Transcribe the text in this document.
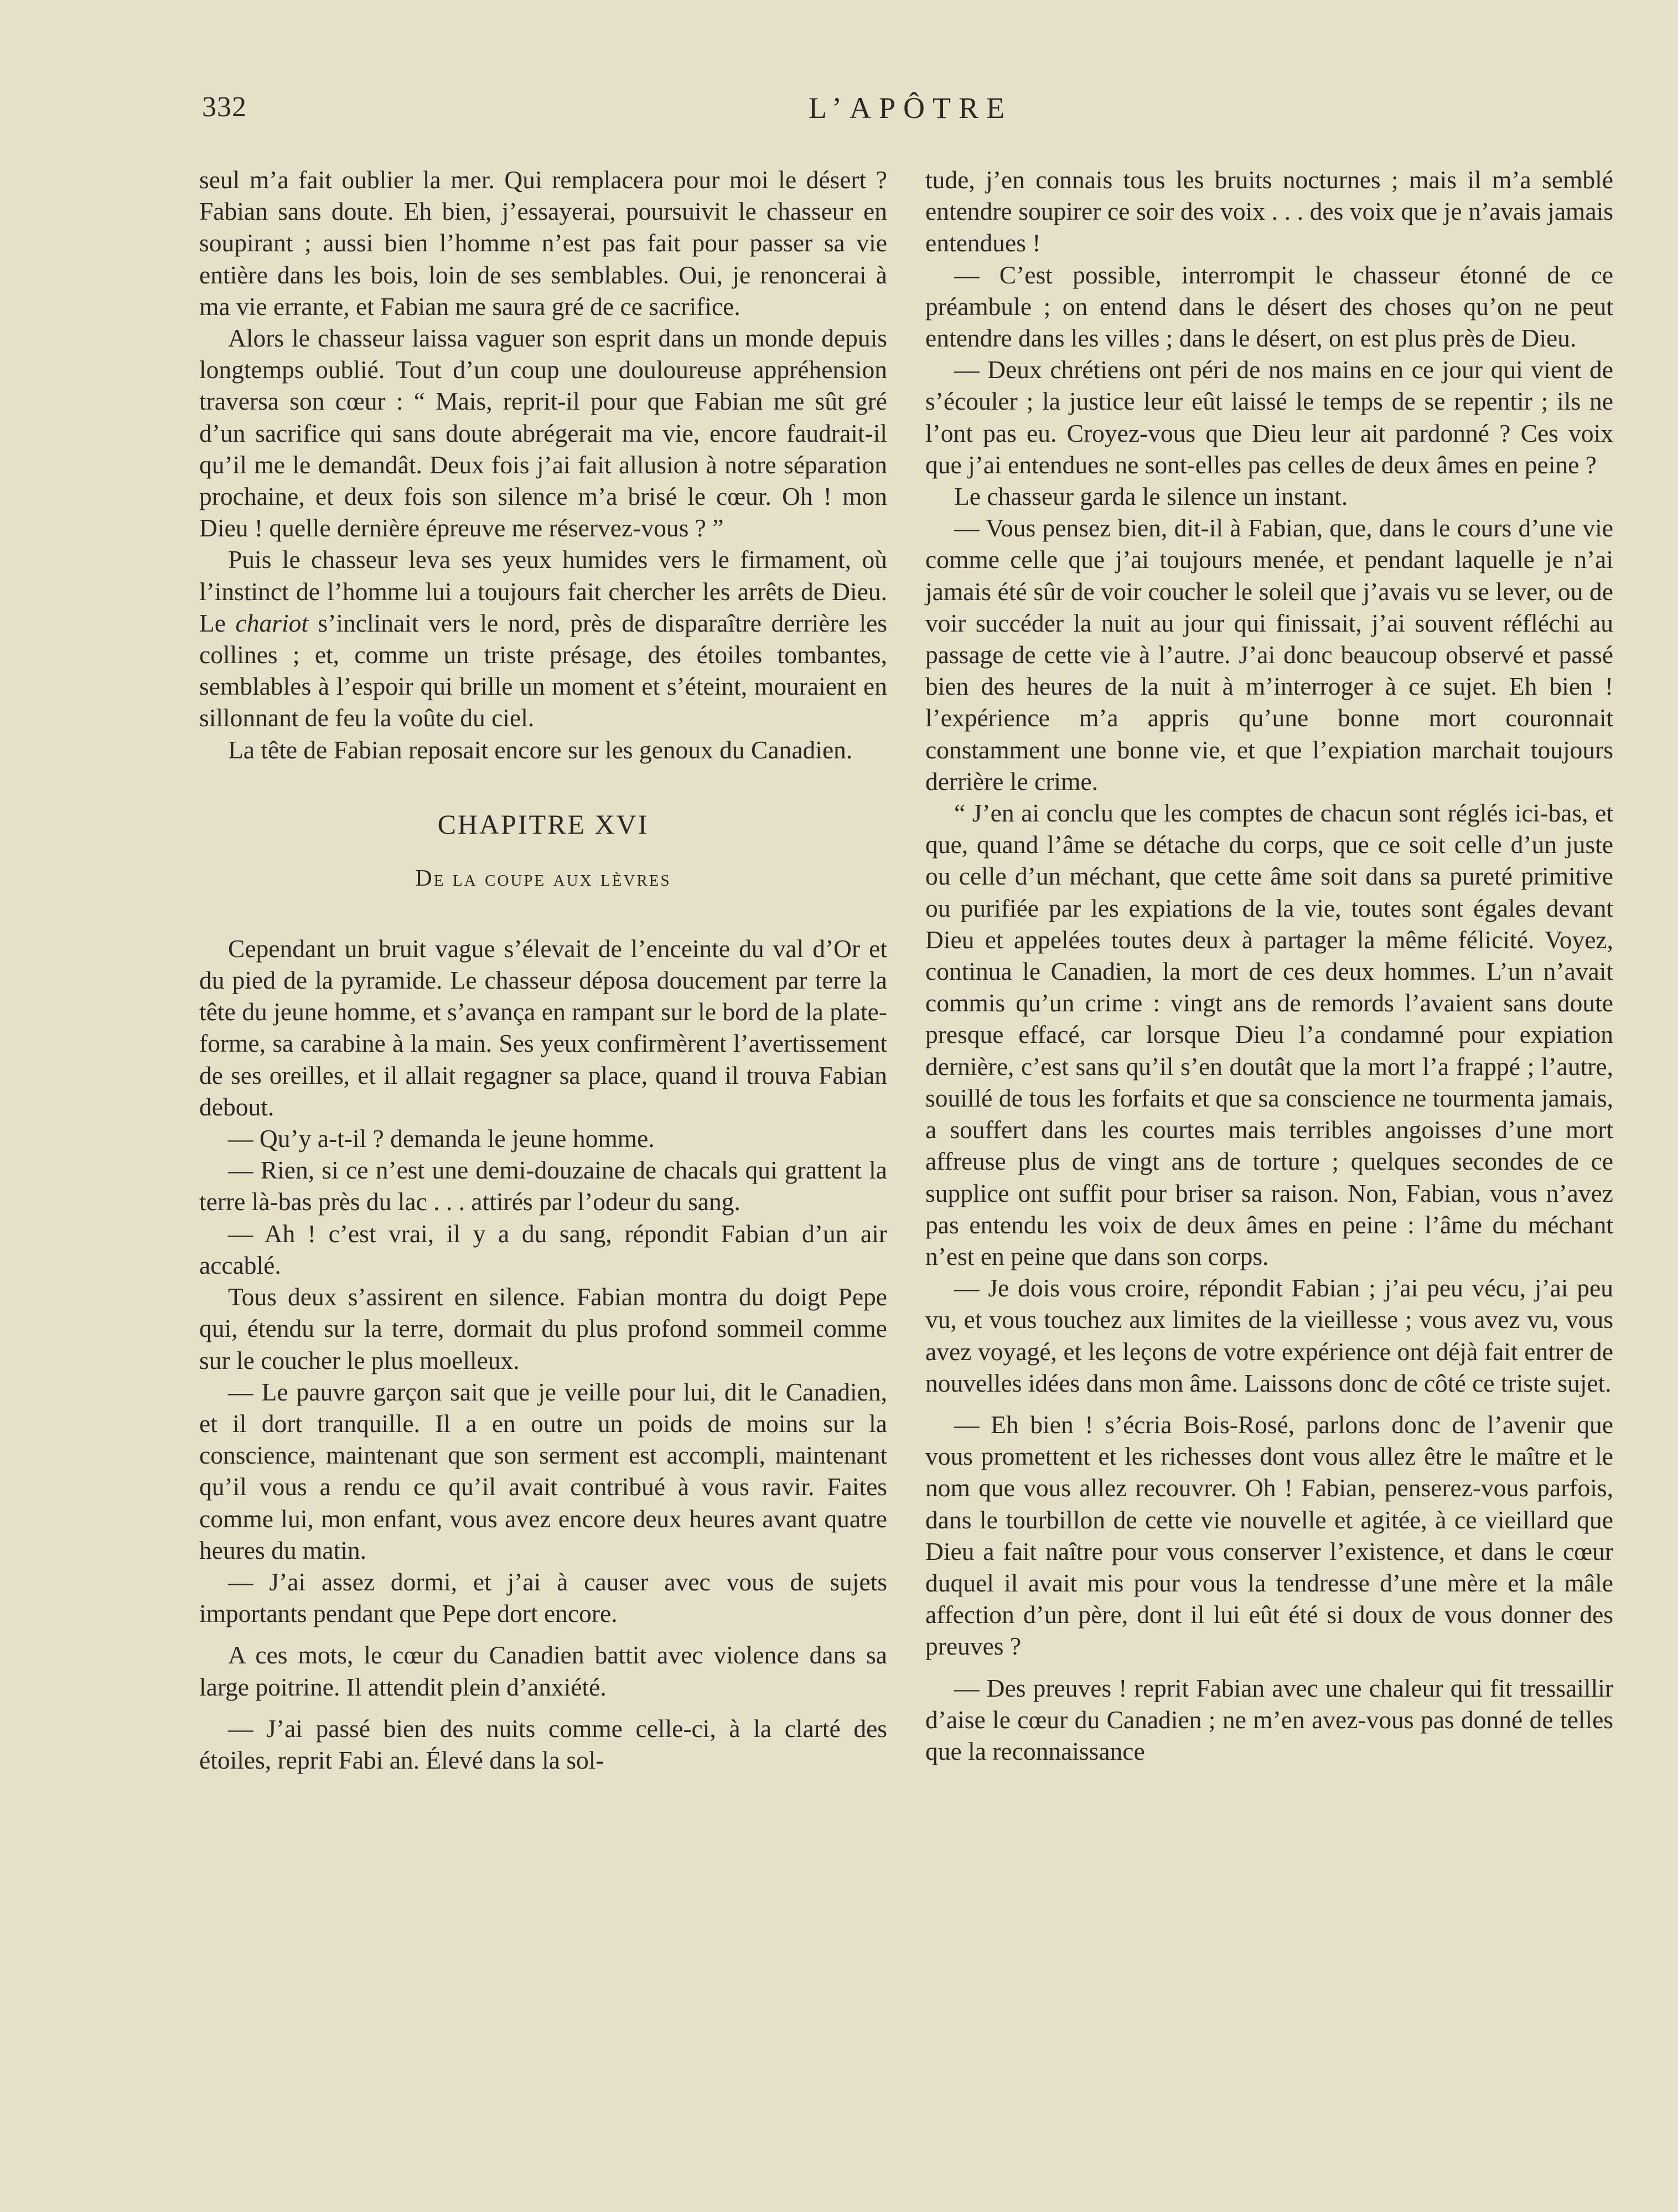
332	L’APÔTRE

seul m’a fait oublier la mer. Qui remplacera pour moi le désert ? Fabian sans doute. Eh bien, j’essayerai, poursuivit le chasseur en soupirant ; aussi bien l’homme n’est pas fait pour passer sa vie entière dans les bois, loin de ses semblables. Oui, je renoncerai à ma vie errante, et Fabian me saura gré de ce sacrifice.

Alors le chasseur laissa vaguer son esprit dans un monde depuis longtemps oublié. Tout d’un coup une douloureuse appréhension traversa son cœur : “ Mais, reprit-il pour que Fabian me sût gré d’un sacrifice qui sans doute abrégerait ma vie, encore faudrait-il qu’il me le demandât. Deux fois j’ai fait allusion à notre séparation prochaine, et deux fois son silence m’a brisé le cœur. Oh ! mon Dieu ! quelle dernière épreuve me réservez-vous ? ”

Puis le chasseur leva ses yeux humides vers le firmament, où l’instinct de l’homme lui a toujours fait chercher les arrêts de Dieu. Le chariot s’inclinait vers le nord, près de disparaître derrière les collines ; et, comme un triste présage, des étoiles tombantes, semblables à l’espoir qui brille un moment et s’éteint, mouraient en sillonnant de feu la voûte du ciel.

La tête de Fabian reposait encore sur les genoux du Canadien.

CHAPITRE XVI
De la coupe aux lèvres

Cependant un bruit vague s’élevait de l’enceinte du val d’Or et du pied de la pyramide. Le chasseur déposa doucement par terre la tête du jeune homme, et s’avança en rampant sur le bord de la plate-forme, sa carabine à la main. Ses yeux confirmèrent l’avertissement de ses oreilles, et il allait regagner sa place, quand il trouva Fabian debout.

— Qu’y a-t-il ? demanda le jeune homme.

— Rien, si ce n’est une demi-douzaine de chacals qui grattent la terre là-bas près du lac . . . attirés par l’odeur du sang.

— Ah ! c’est vrai, il y a du sang, répondit Fabian d’un air accablé.

Tous deux s’assirent en silence. Fabian montra du doigt Pepe qui, étendu sur la terre, dormait du plus profond sommeil comme sur le coucher le plus moelleux.

— Le pauvre garçon sait que je veille pour lui, dit le Canadien, et il dort tranquille. Il a en outre un poids de moins sur la conscience, maintenant que son serment est accompli, maintenant qu’il vous a rendu ce qu’il avait contribué à vous ravir. Faites comme lui, mon enfant, vous avez encore deux heures avant quatre heures du matin.

— J’ai assez dormi, et j’ai à causer avec vous de sujets importants pendant que Pepe dort encore.

A ces mots, le cœur du Canadien battit avec violence dans sa large poitrine. Il attendit plein d’anxiété.

— J’ai passé bien des nuits comme celle-ci, à la clarté des étoiles, reprit Fabi an. Élevé dans la sol-

tude, j’en connais tous les bruits nocturnes ; mais il m’a semblé entendre soupirer ce soir des voix . . . des voix que je n’avais jamais entendues !

— C’est possible, interrompit le chasseur étonné de ce préambule ; on entend dans le désert des choses qu’on ne peut entendre dans les villes ; dans le désert, on est plus près de Dieu.

— Deux chrétiens ont péri de nos mains en ce jour qui vient de s’écouler ; la justice leur eût laissé le temps de se repentir ; ils ne l’ont pas eu. Croyez-vous que Dieu leur ait pardonné ? Ces voix que j’ai entendues ne sont-elles pas celles de deux âmes en peine ?

Le chasseur garda le silence un instant.

— Vous pensez bien, dit-il à Fabian, que, dans le cours d’une vie comme celle que j’ai toujours menée, et pendant laquelle je n’ai jamais été sûr de voir coucher le soleil que j’avais vu se lever, ou de voir succéder la nuit au jour qui finissait, j’ai souvent réfléchi au passage de cette vie à l’autre. J’ai donc beaucoup observé et passé bien des heures de la nuit à m’interroger à ce sujet. Eh bien ! l’expérience m’a appris qu’une bonne mort couronnait constamment une bonne vie, et que l’expiation marchait toujours derrière le crime.

“ J’en ai conclu que les comptes de chacun sont réglés ici-bas, et que, quand l’âme se détache du corps, que ce soit celle d’un juste ou celle d’un méchant, que cette âme soit dans sa pureté primitive ou purifiée par les expiations de la vie, toutes sont égales devant Dieu et appelées toutes deux à partager la même félicité. Voyez, continua le Canadien, la mort de ces deux hommes. L’un n’avait commis qu’un crime : vingt ans de remords l’avaient sans doute presque effacé, car lorsque Dieu l’a condamné pour expiation dernière, c’est sans qu’il s’en doutât que la mort l’a frappé ; l’autre, souillé de tous les forfaits et que sa conscience ne tourmenta jamais, a souffert dans les courtes mais terribles angoisses d’une mort affreuse plus de vingt ans de torture ; quelques secondes de ce supplice ont suffit pour briser sa raison. Non, Fabian, vous n’avez pas entendu les voix de deux âmes en peine : l’âme du méchant n’est en peine que dans son corps.

— Je dois vous croire, répondit Fabian ; j’ai peu vécu, j’ai peu vu, et vous touchez aux limites de la vieillesse ; vous avez vu, vous avez voyagé, et les leçons de votre expérience ont déjà fait entrer de nouvelles idées dans mon âme. Laissons donc de côté ce triste sujet.

— Eh bien ! s’écria Bois-Rosé, parlons donc de l’avenir que vous promettent et les richesses dont vous allez être le maître et le nom que vous allez recouvrer. Oh ! Fabian, penserez-vous parfois, dans le tourbillon de cette vie nouvelle et agitée, à ce vieillard que Dieu a fait naître pour vous conserver l’existence, et dans le cœur duquel il avait mis pour vous la tendresse d’une mère et la mâle affection d’un père, dont il lui eût été si doux de vous donner des preuves ?

— Des preuves ! reprit Fabian avec une chaleur qui fit tressaillir d’aise le cœur du Canadien ; ne m’en avez-vous pas donné de telles que la reconnaissance
